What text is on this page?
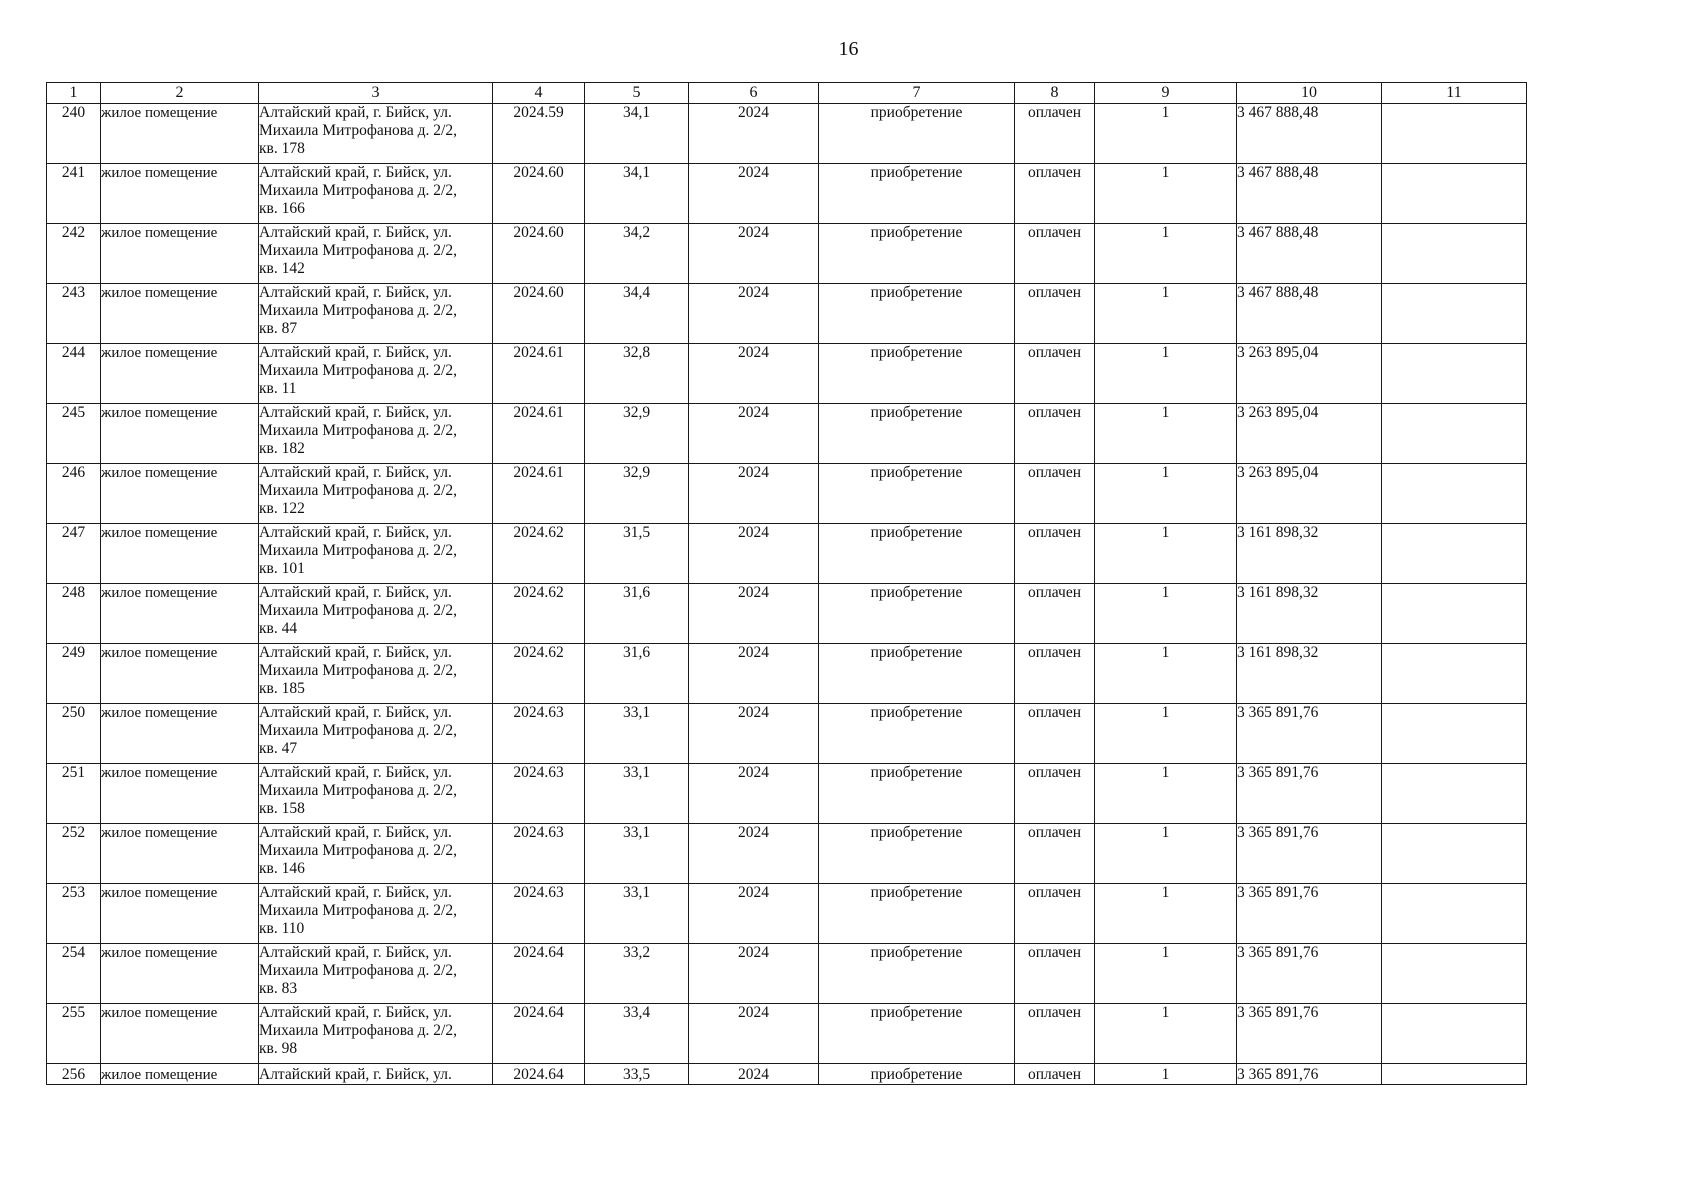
16
1	2	3	4	5	6	7	8	9	10	11
240	жилое помещение	Алтайский край, г. Бийск, ул.
Михаила Митрофанова д. 2/2,
кв. 178	2024.59	34,1	2024	приобретение	оплачен	1	3 467 888,48	
241	жилое помещение	Алтайский край, г. Бийск, ул.
Михаила Митрофанова д. 2/2,
кв. 166	2024.60	34,1	2024	приобретение	оплачен	1	3 467 888,48	
242	жилое помещение	Алтайский край, г. Бийск, ул.
Михаила Митрофанова д. 2/2,
кв. 142	2024.60	34,2	2024	приобретение	оплачен	1	3 467 888,48	
243	жилое помещение	Алтайский край, г. Бийск, ул.
Михаила Митрофанова д. 2/2,
кв. 87	2024.60	34,4	2024	приобретение	оплачен	1	3 467 888,48	
244	жилое помещение	Алтайский край, г. Бийск, ул.
Михаила Митрофанова д. 2/2,
кв. 11	2024.61	32,8	2024	приобретение	оплачен	1	3 263 895,04	
245	жилое помещение	Алтайский край, г. Бийск, ул.
Михаила Митрофанова д. 2/2,
кв. 182	2024.61	32,9	2024	приобретение	оплачен	1	3 263 895,04	
246	жилое помещение	Алтайский край, г. Бийск, ул.
Михаила Митрофанова д. 2/2,
кв. 122	2024.61	32,9	2024	приобретение	оплачен	1	3 263 895,04	
247	жилое помещение	Алтайский край, г. Бийск, ул.
Михаила Митрофанова д. 2/2,
кв. 101	2024.62	31,5	2024	приобретение	оплачен	1	3 161 898,32	
248	жилое помещение	Алтайский край, г. Бийск, ул.
Михаила Митрофанова д. 2/2,
кв. 44	2024.62	31,6	2024	приобретение	оплачен	1	3 161 898,32	
249	жилое помещение	Алтайский край, г. Бийск, ул.
Михаила Митрофанова д. 2/2,
кв. 185	2024.62	31,6	2024	приобретение	оплачен	1	3 161 898,32	
250	жилое помещение	Алтайский край, г. Бийск, ул.
Михаила Митрофанова д. 2/2,
кв. 47	2024.63	33,1	2024	приобретение	оплачен	1	3 365 891,76	
251	жилое помещение	Алтайский край, г. Бийск, ул.
Михаила Митрофанова д. 2/2,
кв. 158	2024.63	33,1	2024	приобретение	оплачен	1	3 365 891,76	
252	жилое помещение	Алтайский край, г. Бийск, ул.
Михаила Митрофанова д. 2/2,
кв. 146	2024.63	33,1	2024	приобретение	оплачен	1	3 365 891,76	
253	жилое помещение	Алтайский край, г. Бийск, ул.
Михаила Митрофанова д. 2/2,
кв. 110	2024.63	33,1	2024	приобретение	оплачен	1	3 365 891,76	
254	жилое помещение	Алтайский край, г. Бийск, ул.
Михаила Митрофанова д. 2/2,
кв. 83	2024.64	33,2	2024	приобретение	оплачен	1	3 365 891,76	
255	жилое помещение	Алтайский край, г. Бийск, ул.
Михаила Митрофанова д. 2/2,
кв. 98	2024.64	33,4	2024	приобретение	оплачен	1	3 365 891,76	
256	жилое помещение	Алтайский край, г. Бийск, ул.	2024.64	33,5	2024	приобретение	оплачен	1	3 365 891,76	
